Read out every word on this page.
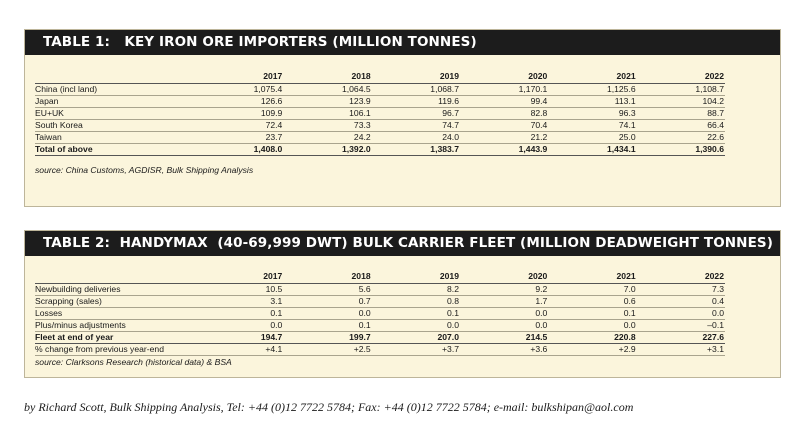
TABLE 1:   KEY IRON ORE IMPORTERS (MILLION TONNES)
	2017	2018	2019	2020	2021	2022
China (incl land)	1,075.4	1,064.5	1,068.7	1,170.1	1,125.6	1,108.7
Japan	126.6	123.9	119.6	99.4	113.1	104.2
EU+UK	109.9	106.1	96.7	82.8	96.3	88.7
South Korea	72.4	73.3	74.7	70.4	74.1	66.4
Taiwan	23.7	24.2	24.0	21.2	25.0	22.6
Total of above	1,408.0	1,392.0	1,383.7	1,443.9	1,434.1	1,390.6
source: China Customs, AGDISR, Bulk Shipping Analysis
TABLE 2:  HANDYMAX  (40-69,999 DWT) BULK CARRIER FLEET (MILLION DEADWEIGHT TONNES)
	2017	2018	2019	2020	2021	2022
Newbuilding deliveries	10.5	5.6	8.2	9.2	7.0	7.3
Scrapping (sales)	3.1	0.7	0.8	1.7	0.6	0.4
Losses	0.1	0.0	0.1	0.0	0.1	0.0
Plus/minus adjustments	0.0	0.1	0.0	0.0	0.0	–0.1
Fleet at end of year	194.7	199.7	207.0	214.5	220.8	227.6
% change from previous year-end	+4.1	+2.5	+3.7	+3.6	+2.9	+3.1
source: Clarksons Research (historical data) & BSA
by Richard Scott, Bulk Shipping Analysis, Tel: +44 (0)12 7722 5784; Fax: +44 (0)12 7722 5784; e-mail: bulkshipan@aol.com
